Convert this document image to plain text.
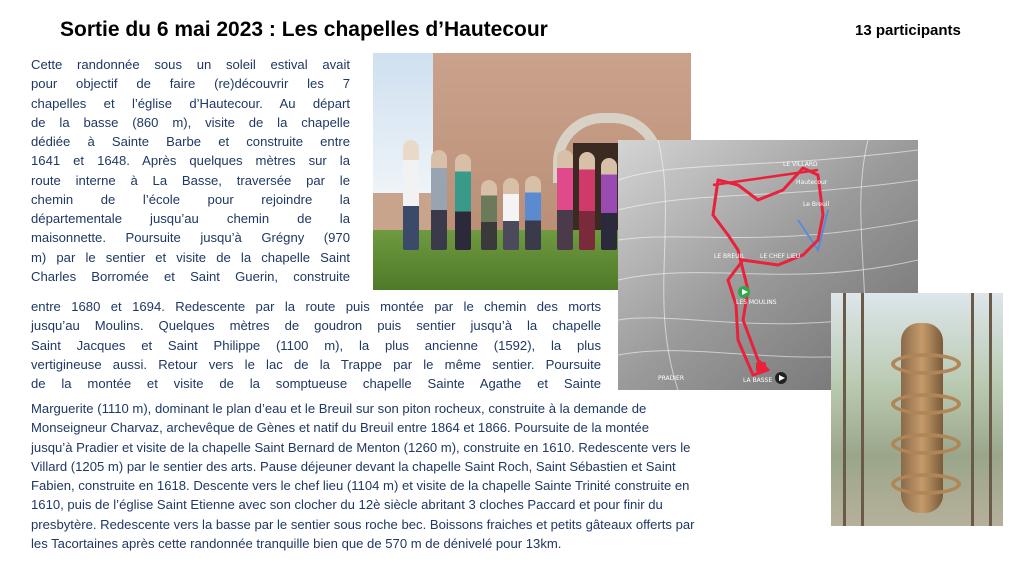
Sortie du 6 mai 2023 : Les chapelles d’Hautecour	13 participants
Cette randonnée sous un soleil estival avait
pour objectif de faire (re)découvrir les 7
chapelles et l’église d’Hautecour. Au départ
de la basse (860 m), visite de la chapelle
dédiée à Sainte Barbe et construite entre
1641 et 1648. Après quelques mètres sur la
route interne à La Basse, traversée par le
chemin de l’école pour rejoindre la
départementale jusqu’au chemin de la
maisonnette. Poursuite jusqu’à Grégny (970
m) par le sentier et visite de la chapelle Saint
Charles Borromée et Saint Guerin, construite
entre 1680 et 1694. Redescente par la route puis montée par le chemin des morts
jusqu’au Moulins. Quelques mètres de goudron puis sentier jusqu’à la chapelle
Saint Jacques et Saint Philippe (1100 m), la plus ancienne (1592), la plus
vertigineuse aussi. Retour vers le lac de la Trappe par le même sentier. Poursuite
de la montée et visite de la somptueuse chapelle Sainte Agathe et Sainte
Marguerite (1110 m), dominant le plan d’eau et le Breuil sur son piton rocheux, construite à la demande de
Monseigneur Charvaz, archevêque de Gènes et natif du Breuil entre 1864 et 1866. Poursuite de la montée
jusqu’à Pradier et visite de la chapelle Saint Bernard de Menton (1260 m), construite en 1610. Redescente vers le
Villard (1205 m) par le sentier des arts. Pause déjeuner devant la chapelle Saint Roch, Saint Sébastien et Saint
Fabien, construite en 1618. Descente vers le chef lieu (1104 m) et visite de la chapelle Sainte Trinité construite en
1610, puis de l’église Saint Etienne avec son clocher du 12è siècle abritant 3 cloches Paccard et pour finir du
presbytère. Redescente vers la basse par le sentier sous roche bec. Boissons fraiches et petits gâteaux offerts par
les Tacortaines après cette randonnée tranquille bien que de 570 m de dénivelé pour 13km.
LE VILLARD
Hautecour
Le Breuil
LE BREUIL	LE CHEF LIEU
LES MOULINS
PRADIER	LA BASSE
